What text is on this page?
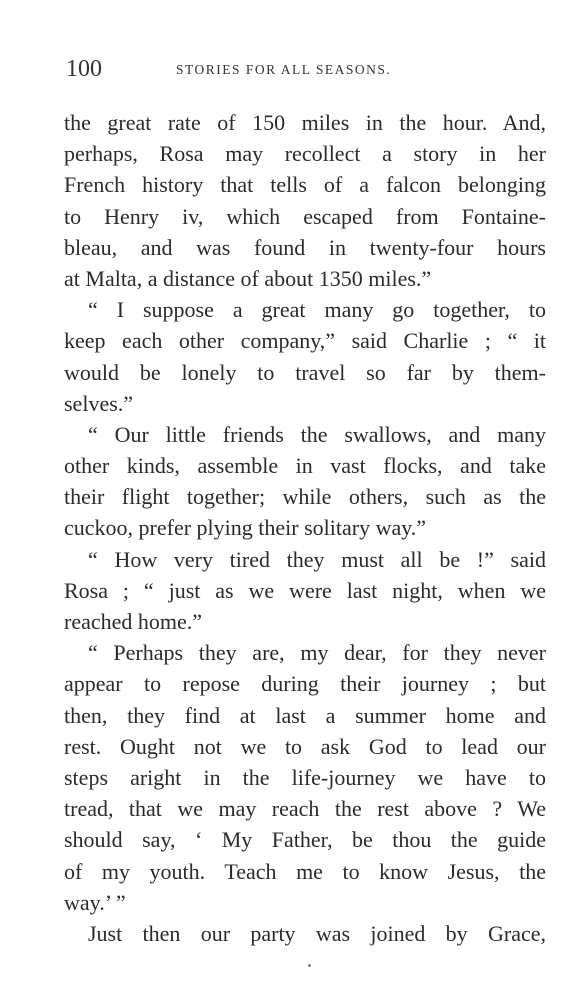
100	STORIES FOR ALL SEASONS.
the great rate of 150 miles in the hour. And,
perhaps, Rosa may recollect a story in her
French history that tells of a falcon belonging
to Henry iv, which escaped from Fontaine-
bleau, and was found in twenty-four hours
at Malta, a distance of about 1350 miles.”
“ I suppose a great many go together, to
keep each other company,” said Charlie ; “ it
would be lonely to travel so far by them-
selves.”
“ Our little friends the swallows, and many
other kinds, assemble in vast flocks, and take
their flight together; while others, such as the
cuckoo, prefer plying their solitary way.”
“ How very tired they must all be !” said
Rosa ; “ just as we were last night, when we
reached home.”
“ Perhaps they are, my dear, for they never
appear to repose during their journey ; but
then, they find at last a summer home and
rest. Ought not we to ask God to lead our
steps aright in the life-journey we have to
tread, that we may reach the rest above ? We
should say, ‘ My Father, be thou the guide
of my youth. Teach me to know Jesus, the
way.’ ”
Just then our party was joined by Grace,
